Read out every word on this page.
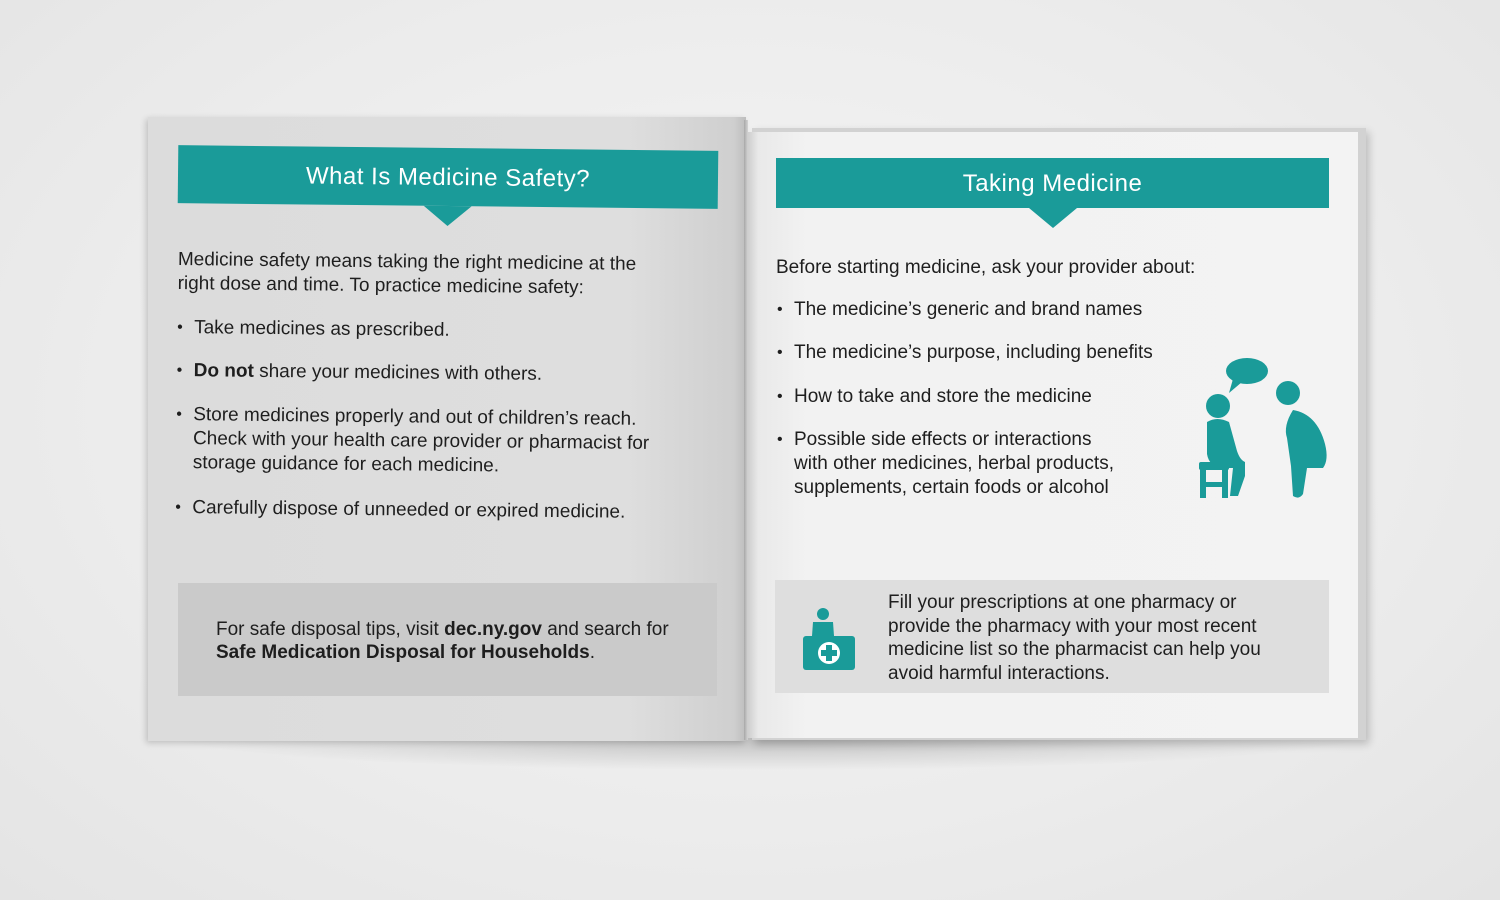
What Is Medicine Safety?
Medicine safety means taking the right medicine at the
right dose and time. To practice medicine safety:
• Take medicines as prescribed.
• Do not share your medicines with others.
• Store medicines properly and out of children’s reach.
Check with your health care provider or pharmacist for
storage guidance for each medicine.
• Carefully dispose of unneeded or expired medicine.
For safe disposal tips, visit dec.ny.gov and search for
Safe Medication Disposal for Households.
Taking Medicine
Before starting medicine, ask your provider about:
• The medicine’s generic and brand names
• The medicine’s purpose, including benefits
• How to take and store the medicine
• Possible side effects or interactions
with other medicines, herbal products,
supplements, certain foods or alcohol
Fill your prescriptions at one pharmacy or
provide the pharmacy with your most recent
medicine list so the pharmacist can help you
avoid harmful interactions.
